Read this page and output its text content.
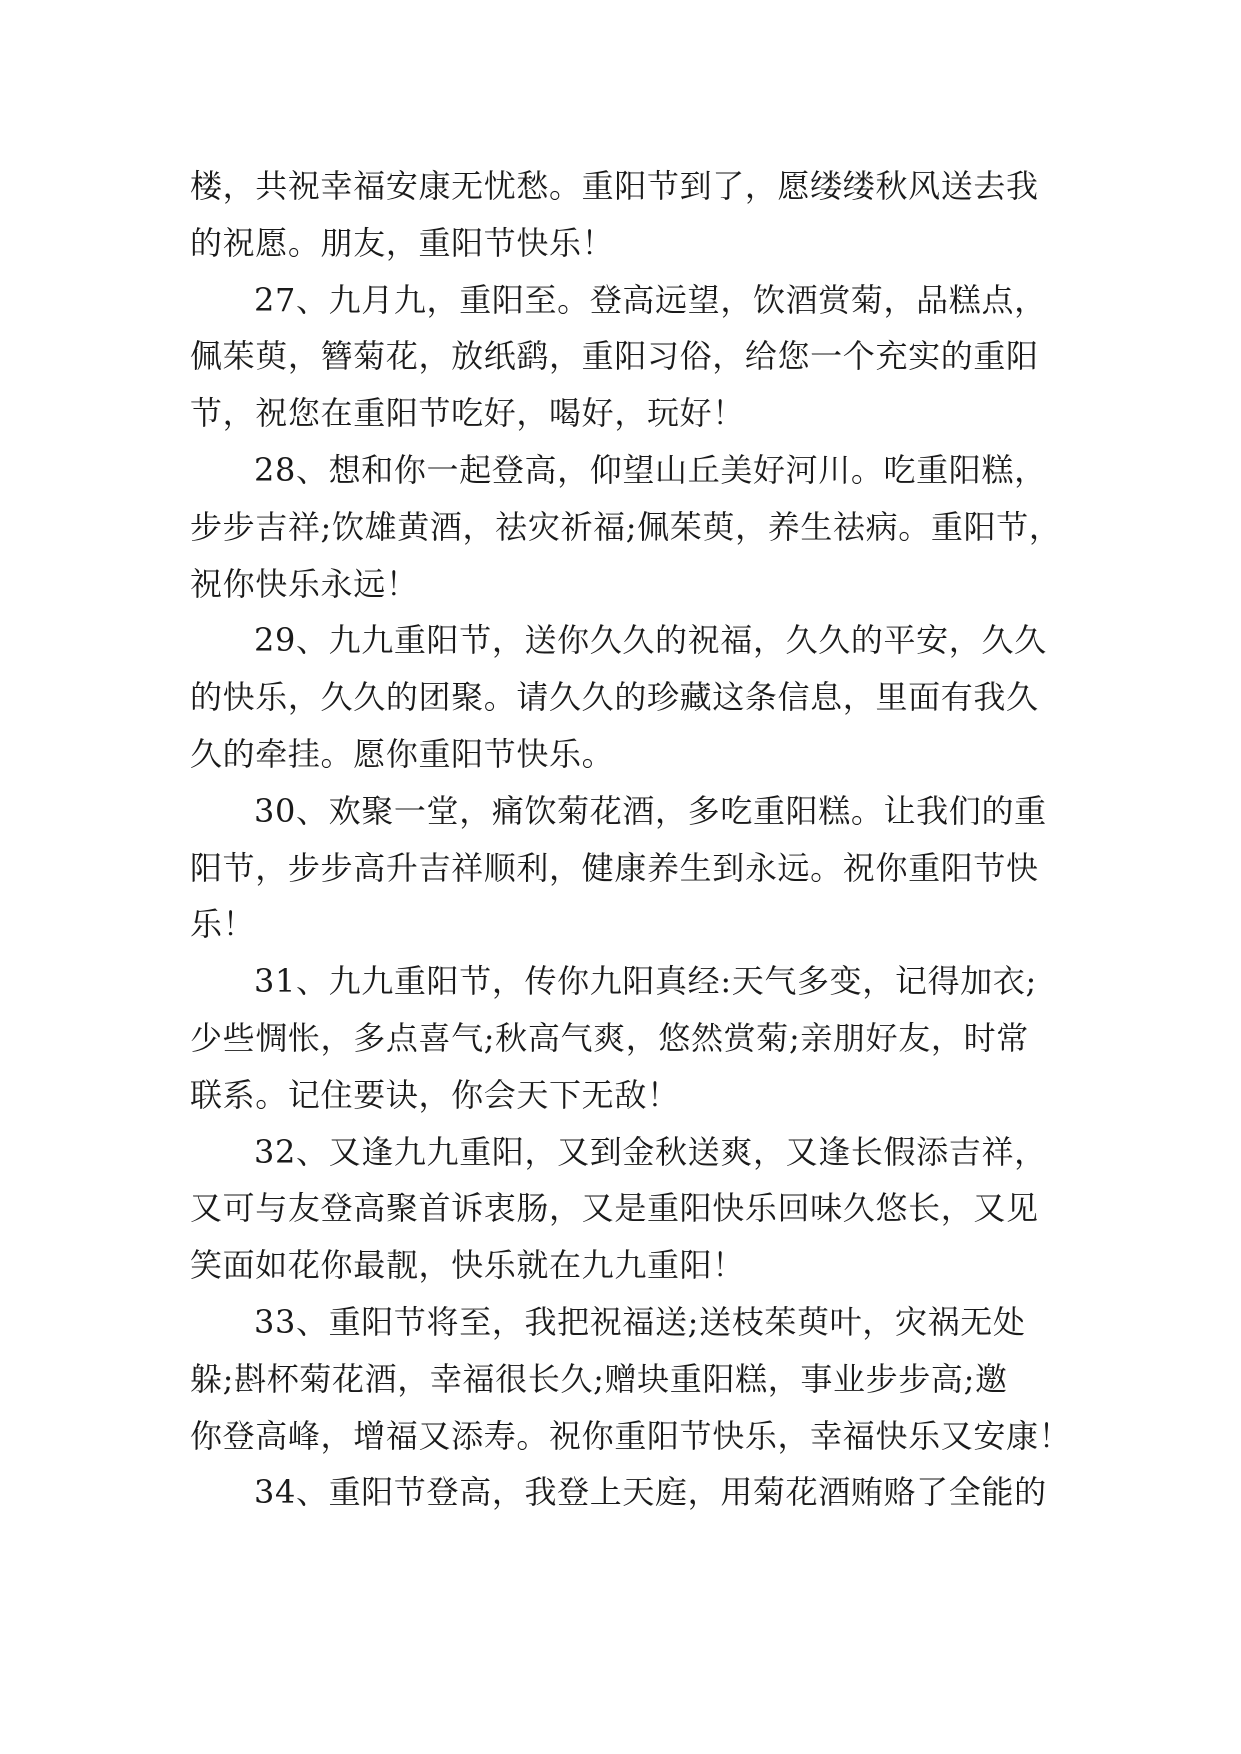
楼，共祝幸福安康无忧愁。重阳节到了，愿缕缕秋风送去我
的祝愿。朋友，重阳节快乐！
27、九月九，重阳至。登高远望，饮酒赏菊，品糕点，
佩茱萸，簪菊花，放纸鹞，重阳习俗，给您一个充实的重阳
节，祝您在重阳节吃好，喝好，玩好！
28、想和你一起登高，仰望山丘美好河川。吃重阳糕，
步步吉祥;饮雄黄酒，祛灾祈福;佩茱萸，养生祛病。重阳节，
祝你快乐永远！
29、九九重阳节，送你久久的祝福，久久的平安，久久
的快乐，久久的团聚。请久久的珍藏这条信息，里面有我久
久的牵挂。愿你重阳节快乐。
30、欢聚一堂，痛饮菊花酒，多吃重阳糕。让我们的重
阳节，步步高升吉祥顺利，健康养生到永远。祝你重阳节快
乐！
31、九九重阳节，传你九阳真经:天气多变，记得加衣;
少些惆怅，多点喜气;秋高气爽，悠然赏菊;亲朋好友，时常
联系。记住要诀，你会天下无敌！
32、又逢九九重阳，又到金秋送爽，又逢长假添吉祥，
又可与友登高聚首诉衷肠，又是重阳快乐回味久悠长，又见
笑面如花你最靓，快乐就在九九重阳！
33、重阳节将至，我把祝福送;送枝茱萸叶，灾祸无处
躲;斟杯菊花酒，幸福很长久;赠块重阳糕，事业步步高;邀
你登高峰，增福又添寿。祝你重阳节快乐，幸福快乐又安康！
34、重阳节登高，我登上天庭，用菊花酒贿赂了全能的
